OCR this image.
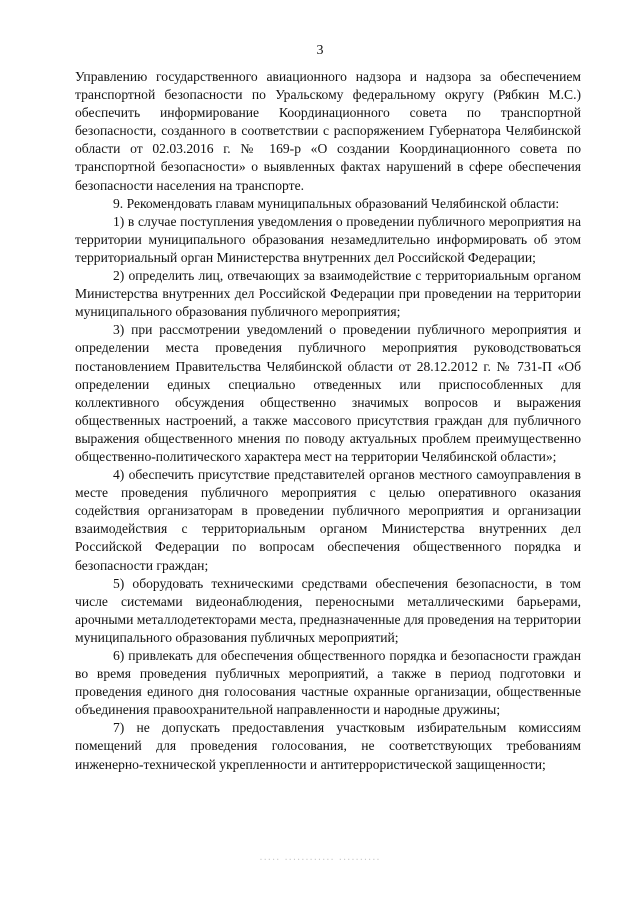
3

Управлению государственного авиационного надзора и надзора за обеспечением транспортной безопасности по Уральскому федеральному округу (Рябкин М.С.) обеспечить информирование Координационного совета по транспортной безопасности, созданного в соответствии с распоряжением Губернатора Челябинской области от 02.03.2016 г. № 169-р «О создании Координационного совета по транспортной безопасности» о выявленных фактах нарушений в сфере обеспечения безопасности населения на транспорте.

9. Рекомендовать главам муниципальных образований Челябинской области:

1) в случае поступления уведомления о проведении публичного мероприятия на территории муниципального образования незамедлительно информировать об этом территориальный орган Министерства внутренних дел Российской Федерации;

2) определить лиц, отвечающих за взаимодействие с территориальным органом Министерства внутренних дел Российской Федерации при проведении на территории муниципального образования публичного мероприятия;

3) при рассмотрении уведомлений о проведении публичного мероприятия и определении места проведения публичного мероприятия руководствоваться постановлением Правительства Челябинской области от 28.12.2012 г. № 731-П «Об определении единых специально отведенных или приспособленных для коллективного обсуждения общественно значимых вопросов и выражения общественных настроений, а также массового присутствия граждан для публичного выражения общественного мнения по поводу актуальных проблем преимущественно общественно-политического характера мест на территории Челябинской области»;

4) обеспечить присутствие представителей органов местного самоуправления в месте проведения публичного мероприятия с целью оперативного оказания содействия организаторам в проведении публичного мероприятия и организации взаимодействия с территориальным органом Министерства внутренних дел Российской Федерации по вопросам обеспечения общественного порядка и безопасности граждан;

5) оборудовать техническими средствами обеспечения безопасности, в том числе системами видеонаблюдения, переносными металлическими барьерами, арочными металлодетекторами места, предназначенные для проведения на территории муниципального образования публичных мероприятий;

6) привлекать для обеспечения общественного порядка и безопасности граждан во время проведения публичных мероприятий, а также в период подготовки и проведения единого дня голосования частные охранные организации, общественные объединения правоохранительной направленности и народные дружины;

7) не допускать предоставления участковым избирательным комиссиям помещений для проведения голосования, не соответствующих требованиям инженерно-технической укрепленности и антитеррористической защищенности;

····· ············ ··········
